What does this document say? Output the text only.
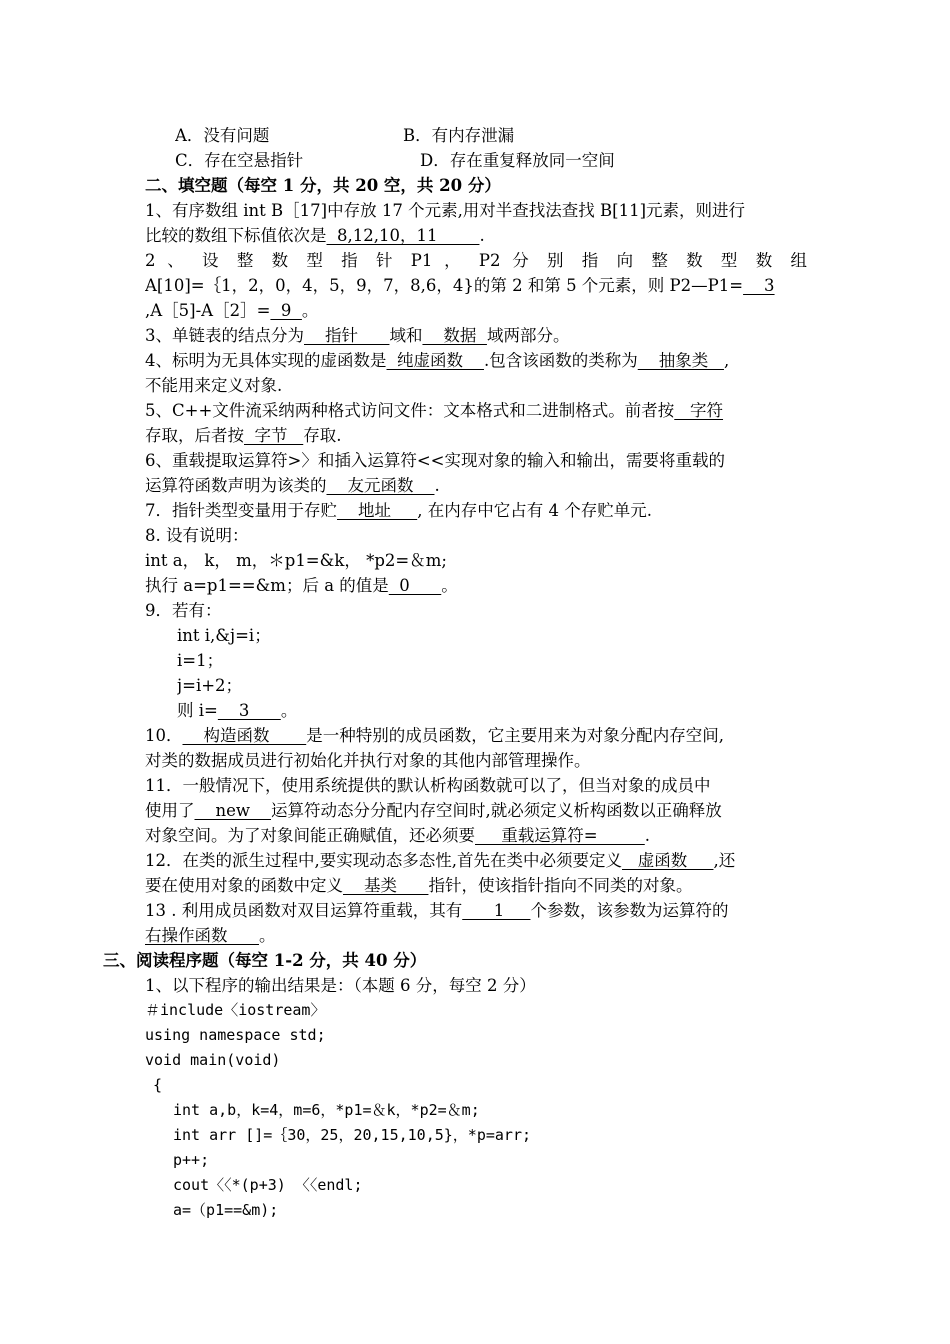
A．没有问题	B．有内存泄漏
C．存在空悬指针	D．存在重复释放同一空间
二、填空题（每空 1 分，共 20 空，共 20 分）
1、有序数组 int B［17]中存放 17 个元素,用对半查找法查找 B[11]元素，则进行
比较的数组下标值依次是  8,12,10，11        .
2 、 设 整 数 型 指 针 P1 ， P2 分 别 指 向 整 数 型 数 组
A[10]=｛1，2，0，4，5，9，7，8,6，4}的第 2 和第 5 个元素，则 P2—P1=    3
,A［5]-A［2］=  9  。
3、单链表的结点分为    指针      域和    数据  域两部分。
4、标明为无具体实现的虚函数是  纯虚函数    .包含该函数的类称为    抽象类   ,
不能用来定义对象.
5、C++文件流采纳两种格式访问文件：文本格式和二进制格式。前者按   字符
存取，后者按  字节   存取.
6、重载提取运算符>〉和插入运算符<<实现对象的输入和输出，需要将重载的
运算符函数声明为该类的    友元函数    .
7．指针类型变量用于存贮    地址     , 在内存中它占有 4 个存贮单元.
8. 设有说明：
int a， k， m，＊p1=&k， *p2=＆m;
执行 a=p1==&m；后 a 的值是  0      。
9．若有：
int i,&j=i；
i=1；
j=i+2；
则 i=    3      。
10．    构造函数       是一种特别的成员函数，它主要用来为对象分配内存空间,
对类的数据成员进行初始化并执行对象的其他内部管理操作。
11．一般情况下，使用系统提供的默认析构函数就可以了，但当对象的成员中
使用了    new    运算符动态分分配内存空间时,就必须定义析构函数以正确释放
对象空间。为了对象间能正确赋值，还必须要     重载运算符=         .
12．在类的派生过程中,要实现动态多态性,首先在类中必须要定义   虚函数     ,还
要在使用对象的函数中定义    基类      指针，使该指针指向不同类的对象。
13 . 利用成员函数对双目运算符重载，其有      1     个参数，该参数为运算符的
右操作函数      。
三、阅读程序题（每空 1-2 分，共 40 分）
1、以下程序的输出结果是：（本题 6 分，每空 2 分）
＃include〈iostream〉
using namespace std;
void main(void)
{
int a,b，k=4，m=6，*p1=＆k，*p2=＆m;
int arr []=｛30，25，20,15,10,5}，*p=arr;
p++;
cout〈〈*(p+3) 〈〈endl;
a=（p1==&m);
